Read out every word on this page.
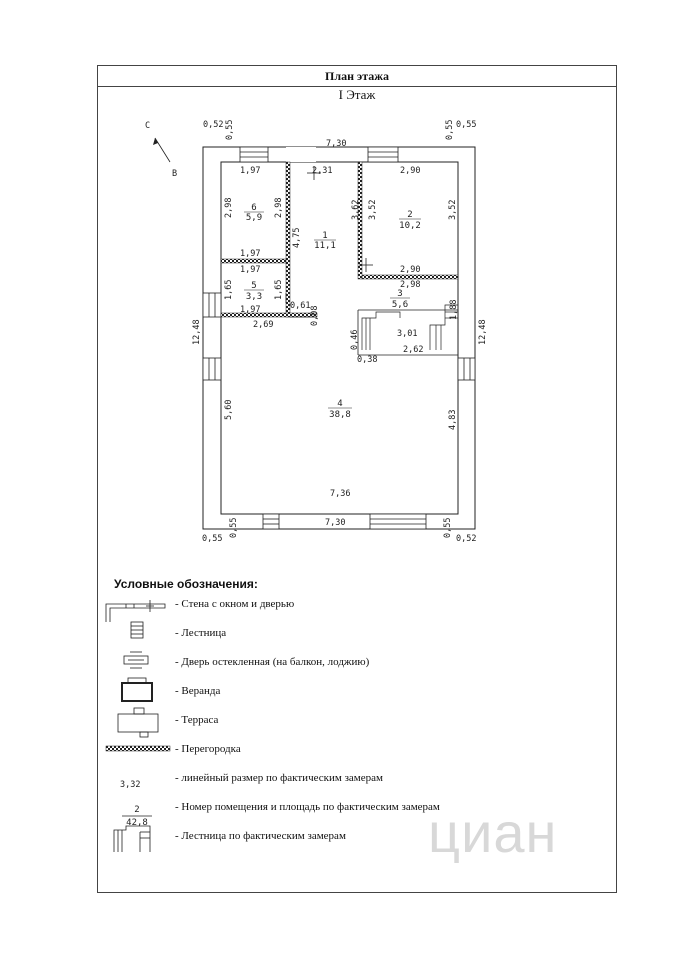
План этажа
I Этаж
С
В
0,52 0,55	0,55 0,55
7,30
7,30
12,48	12,48
0,55
0,55
0,55
0,52
1,97	2,31	2,90
2,98	2,98
4,75
3,62 3,52	3,52
1,97
1,97	2,90
2,98
1,65	1,65
1,97	0,61 0,08
2,69
1,88
3,01
0,46
0,38
2,62
5,60	4,83
7,36
6
5,9
1
11,1
2
10,2
5
3,3	3
5,6
4
38,8
3,32
2
42,8
Условные обозначения:
- Стена с окном и дверью
- Лестница
- Дверь остекленная (на балкон, лоджию)
- Веранда
- Терраса
- Перегородка
- линейный размер по фактическим замерам
- Номер помещения и площадь по фактическим замерам
- Лестница по фактическим замерам циан
